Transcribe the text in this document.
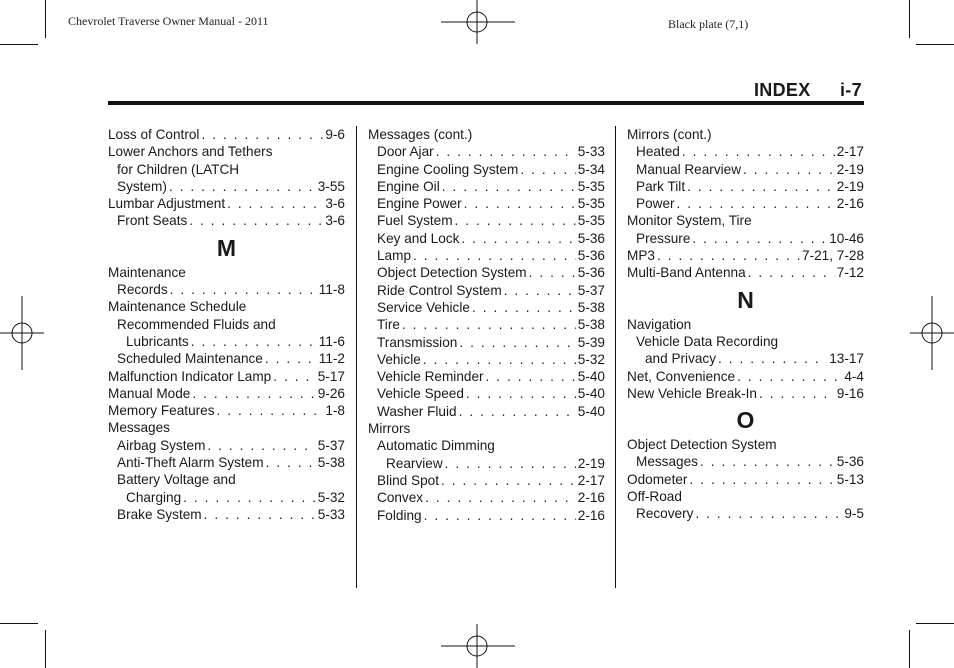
Chevrolet Traverse Owner Manual - 2011	Black plate (7,1)
INDEX i-7
Loss of Control . . .	9-6
Lower Anchors and Tethers
for Children (LATCH
System) . . .	3-55
Lumbar Adjustment . . .	3-6
Front Seats . . .	3-6
M
Maintenance
Records . . .	11-8
Maintenance Schedule
Recommended Fluids and
Lubricants . . .	11-6
Scheduled Maintenance . . .	11-2
Malfunction Indicator Lamp . . .	5-17
Manual Mode . . .	9-26
Memory Features . . .	1-8
Messages
Airbag System . . .	5-37
Anti-Theft Alarm System . . .	5-38
Battery Voltage and
Charging . . .	5-32
Brake System . . .	5-33
Messages (cont.)
Door Ajar . . .	5-33
Engine Cooling System . . .	5-34
Engine Oil . . .	5-35
Engine Power . . .	5-35
Fuel System . . .	5-35
Key and Lock . . .	5-36
Lamp . . .	5-36
Object Detection System . . .	5-36
Ride Control System . . .	5-37
Service Vehicle . . .	5-38
Tire . . .	5-38
Transmission . . .	5-39
Vehicle . . .	5-32
Vehicle Reminder . . .	5-40
Vehicle Speed . . .	5-40
Washer Fluid . . .	5-40
Mirrors
Automatic Dimming
Rearview . . .	2-19
Blind Spot . . .	2-17
Convex . . .	2-16
Folding . . .	2-16
Mirrors (cont.)
Heated . . .	2-17
Manual Rearview . . .	2-19
Park Tilt . . .	2-19
Power . . .	2-16
Monitor System, Tire
Pressure . . .	10-46
MP3 . . .	7-21, 7-28
Multi-Band Antenna . . .	7-12
N
Navigation
Vehicle Data Recording
and Privacy . . .	13-17
Net, Convenience . . .	4-4
New Vehicle Break-In . . .	9-16
O
Object Detection System
Messages . . .	5-36
Odometer . . .	5-13
Off-Road
Recovery . . .	9-5
